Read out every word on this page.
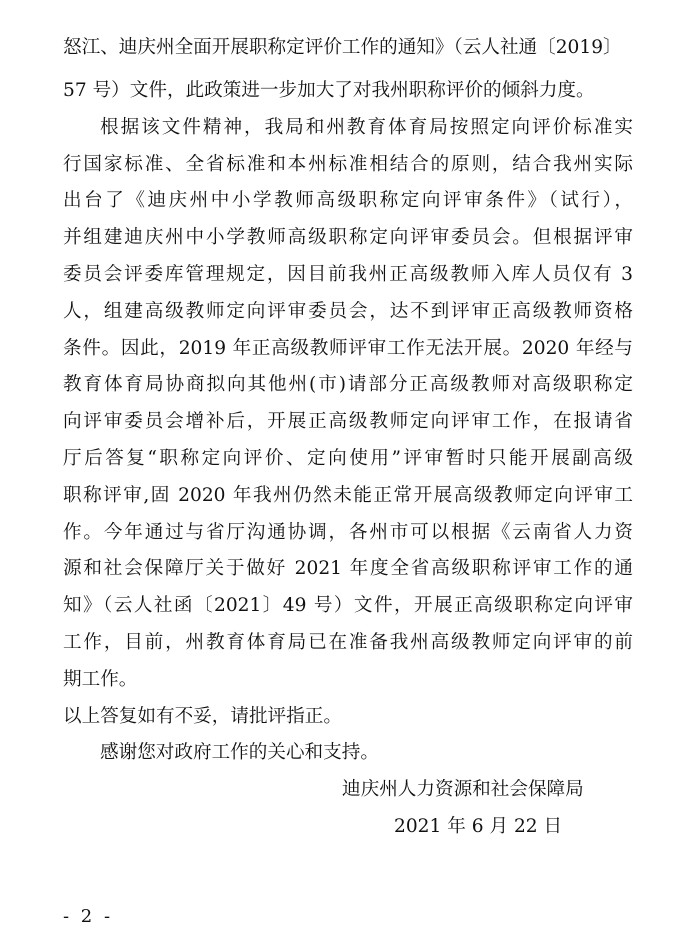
怒江、迪庆州全面开展职称定评价工作的通知》（云人社通〔2019〕
57 号）文件，此政策进一步加大了对我州职称评价的倾斜力度。
根据该文件精神，我局和州教育体育局按照定向评价标准实
行国家标准、全省标准和本州标准相结合的原则，结合我州实际
出台了《迪庆州中小学教师高级职称定向评审条件》（试行），
并组建迪庆州中小学教师高级职称定向评审委员会。但根据评审
委员会评委库管理规定，因目前我州正高级教师入库人员仅有 3
人，组建高级教师定向评审委员会，达不到评审正高级教师资格
条件。因此，2019 年正高级教师评审工作无法开展。2020 年经与
教育体育局协商拟向其他州(市)请部分正高级教师对高级职称定
向评审委员会增补后，开展正高级教师定向评审工作，在报请省
厅后答复“职称定向评价、定向使用”评审暂时只能开展副高级
职称评审,固 2020 年我州仍然未能正常开展高级教师定向评审工
作。今年通过与省厅沟通协调，各州市可以根据《云南省人力资
源和社会保障厅关于做好 2021 年度全省高级职称评审工作的通
知》（云人社函〔2021〕49 号）文件，开展正高级职称定向评审
工作，目前，州教育体育局已在准备我州高级教师定向评审的前
期工作。
以上答复如有不妥，请批评指正。
感谢您对政府工作的关心和支持。
迪庆州人力资源和社会保障局
2021 年 6 月 22 日
- 2 -
